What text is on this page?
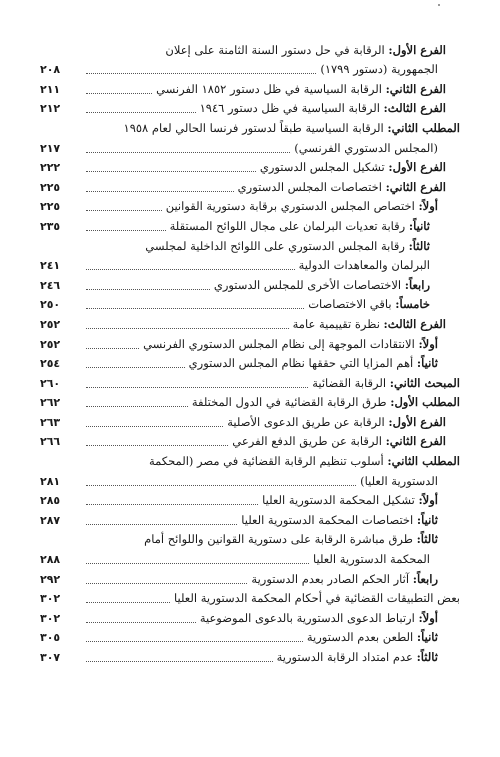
الفرع الأول: الرقابة في حل دستور السنة الثامنة على إعلان
الجمهورية (دستور ١٧٩٩)
٢٠٨
الفرع الثاني: الرقابة السياسية في ظل دستور ١٨٥٢ الفرنسي
٢١١
الفرع الثالث: الرقابة السياسية في ظل دستور ١٩٤٦
٢١٢
المطلب الثاني: الرقابة السياسية طبقاً لدستور فرنسا الحالي لعام ١٩٥٨
(المجلس الدستوري الفرنسي)
٢١٧
الفرع الأول: تشكيل المجلس الدستوري
٢٢٢
الفرع الثاني: اختصاصات المجلس الدستوري
٢٢٥
أولاً: اختصاص المجلس الدستوري برقابة دستورية القوانين
٢٢٥
ثانياً: رقابة تعديات البرلمان على مجال اللوائح المستقلة
٢٣٥
ثالثاً: رقابة المجلس الدستوري على اللوائح الداخلية لمجلسي
البرلمان والمعاهدات الدولية
٢٤١
رابعاً: الاختصاصات الأخرى للمجلس الدستوري
٢٤٦
خامساً: باقي الاختصاصات
٢٥٠
الفرع الثالث: نظرة تقييمية عامة
٢٥٢
أولاً: الانتقادات الموجهة إلى نظام المجلس الدستوري الفرنسي
٢٥٢
ثانياً: أهم المزايا التي حققها نظام المجلس الدستوري
٢٥٤
المبحث الثاني: الرقابة القضائية
٢٦٠
المطلب الأول: طرق الرقابة القضائية في الدول المختلفة
٢٦٢
الفرع الأول: الرقابة عن طريق الدعوى الأصلية
٢٦٣
الفرع الثاني: الرقابة عن طريق الدفع الفرعي
٢٦٦
المطلب الثاني: أسلوب تنظيم الرقابة القضائية في مصر (المحكمة
الدستورية العليا)
٢٨١
أولاً: تشكيل المحكمة الدستورية العليا
٢٨٥
ثانياً: اختصاصات المحكمة الدستورية العليا
٢٨٧
ثالثاً: طرق مباشرة الرقابة على دستورية القوانين واللوائح أمام
المحكمة الدستورية العليا
٢٨٨
رابعاً: آثار الحكم الصادر بعدم الدستورية
٢٩٢
بعض التطبيقات القضائية في أحكام المحكمة الدستورية العليا
٣٠٢
أولاً: ارتباط الدعوى الدستورية بالدعوى الموضوعية
٣٠٢
ثانياً: الطعن بعدم الدستورية
٣٠٥
ثالثاً: عدم امتداد الرقابة الدستورية
٣٠٧
